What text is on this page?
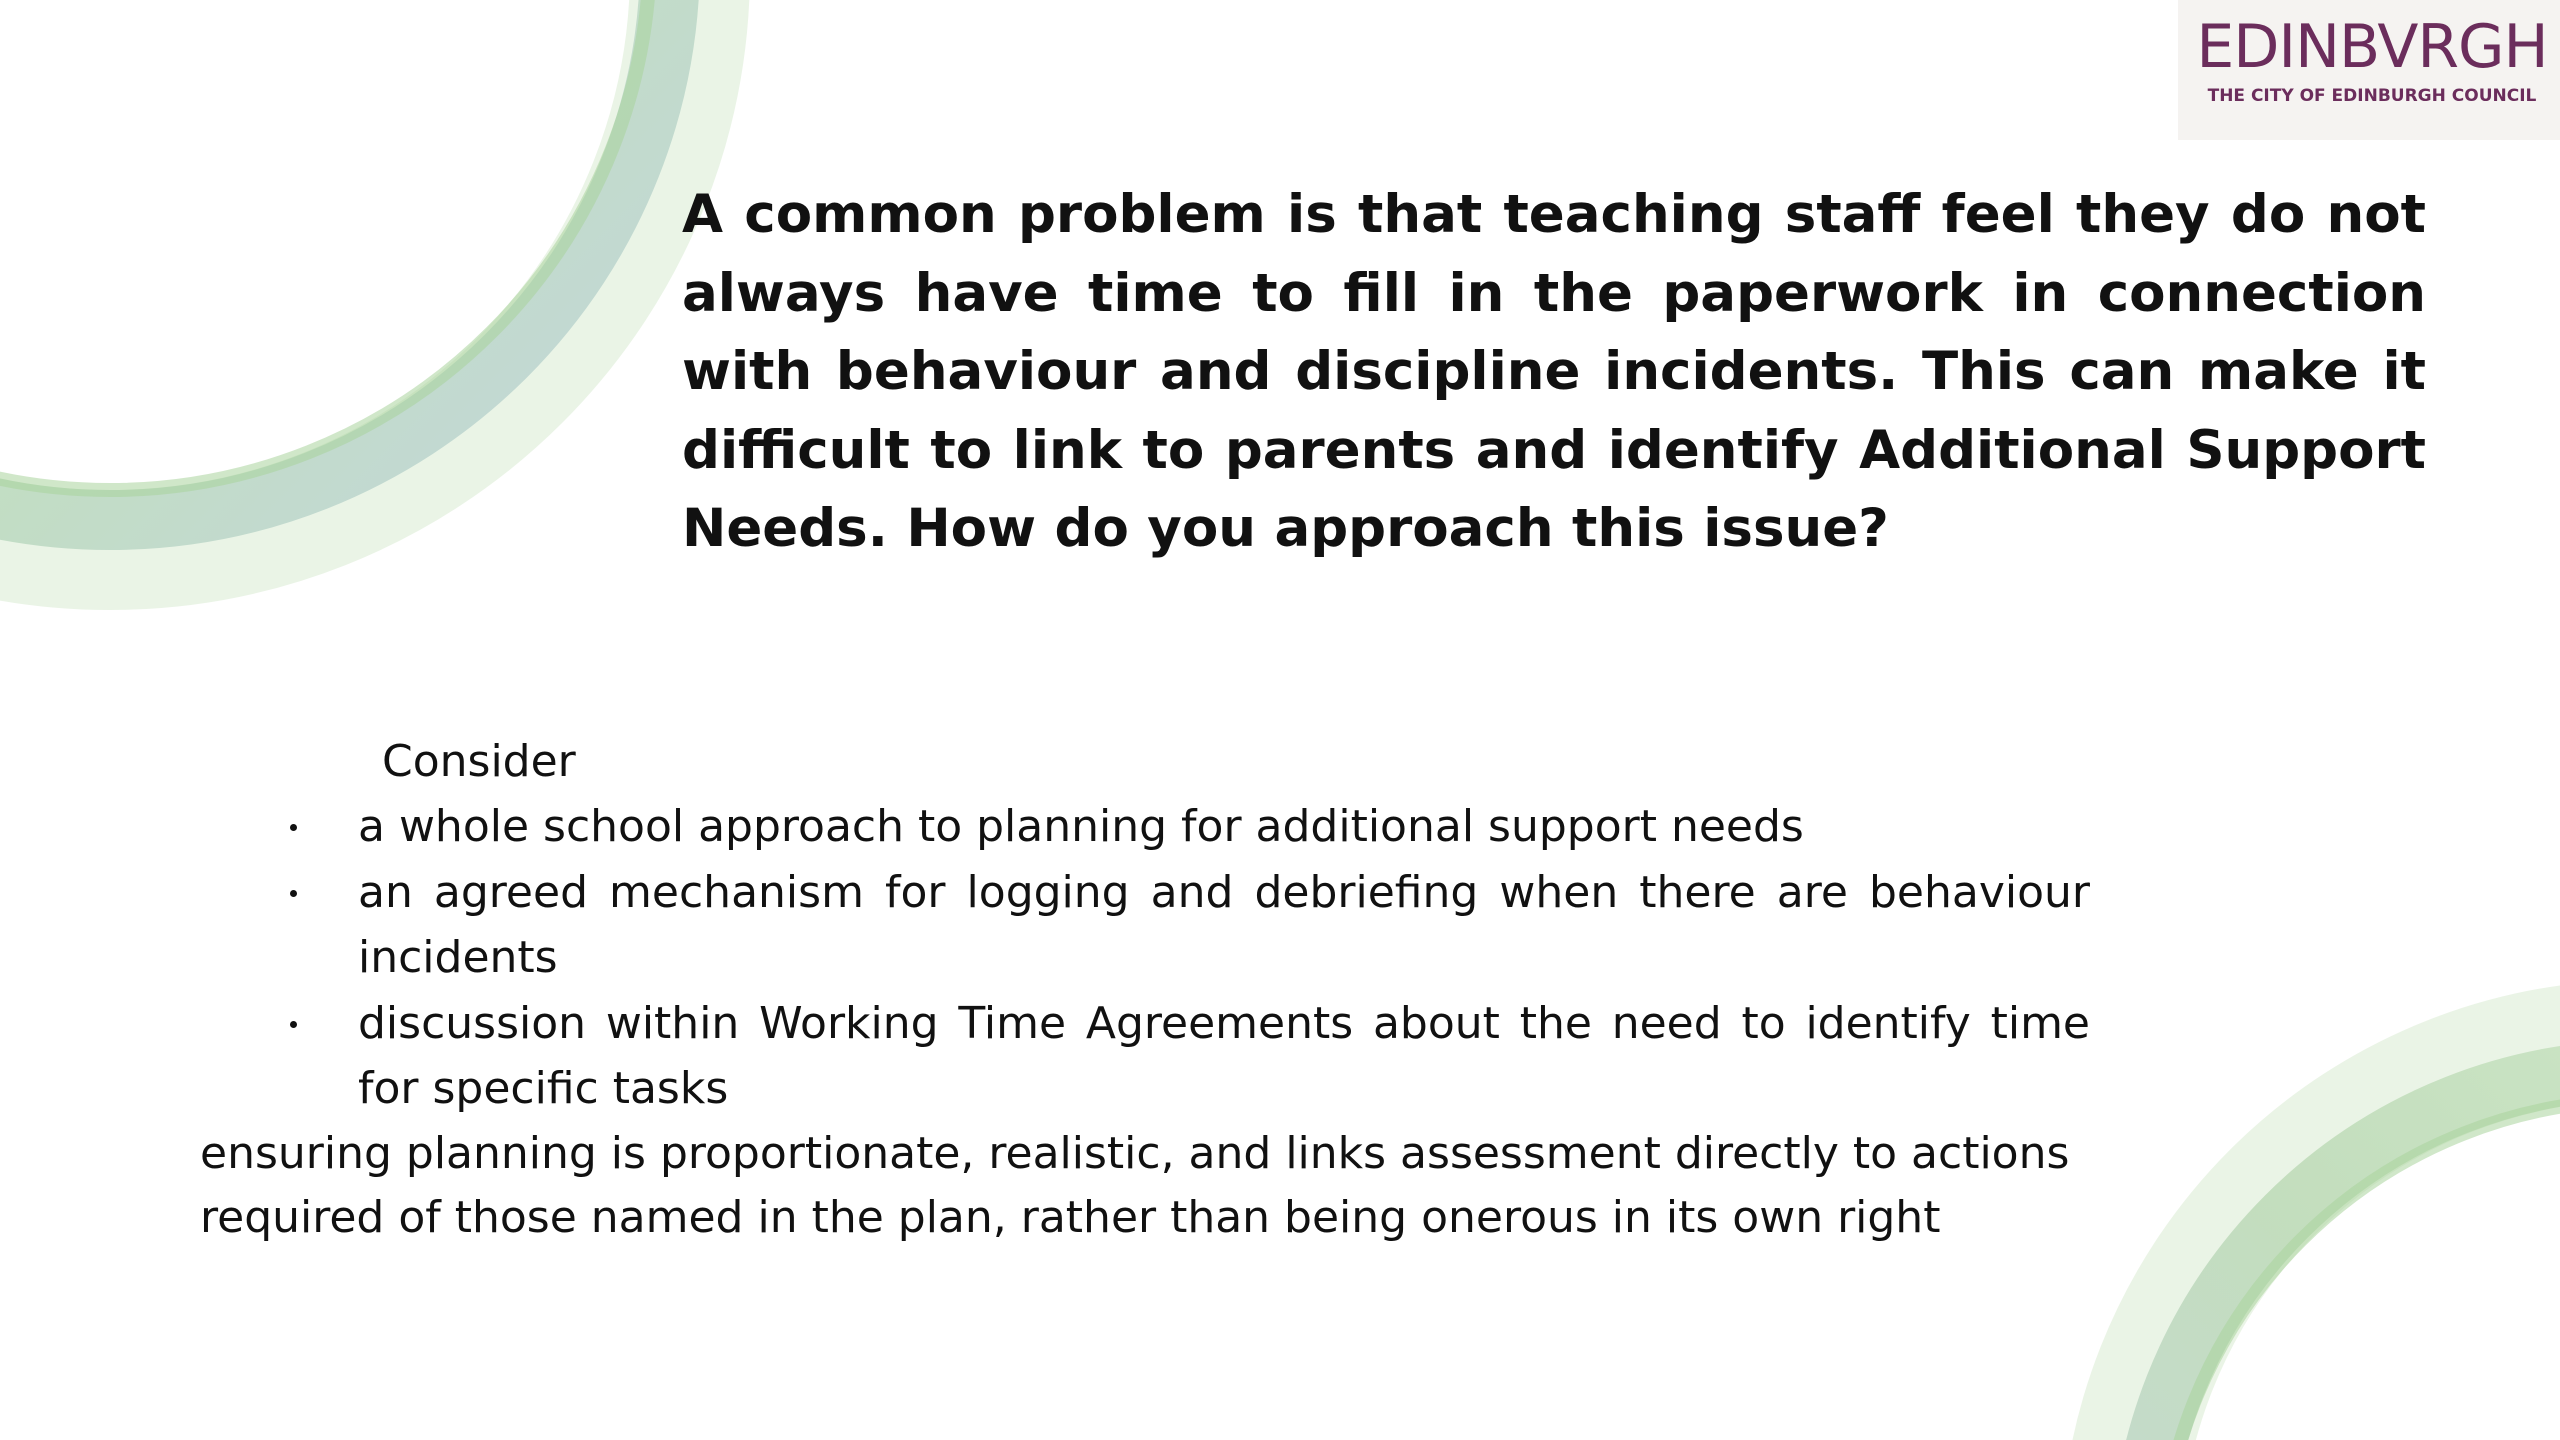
EDINBVRGH
THE CITY OF EDINBURGH COUNCIL

A common problem is that teaching staff feel they do not always have time to fill in the paperwork in connection with behaviour and discipline incidents. This can make it difficult to link to parents and identify Additional Support Needs. How do you approach this issue?

Consider

a whole school approach to planning for additional support needs
an agreed mechanism for logging and debriefing when there are behaviour incidents
discussion within Working Time Agreements about the need to identify time for specific tasks

ensuring planning is proportionate, realistic, and links assessment directly to actions required of those named in the plan, rather than being onerous in its own right
